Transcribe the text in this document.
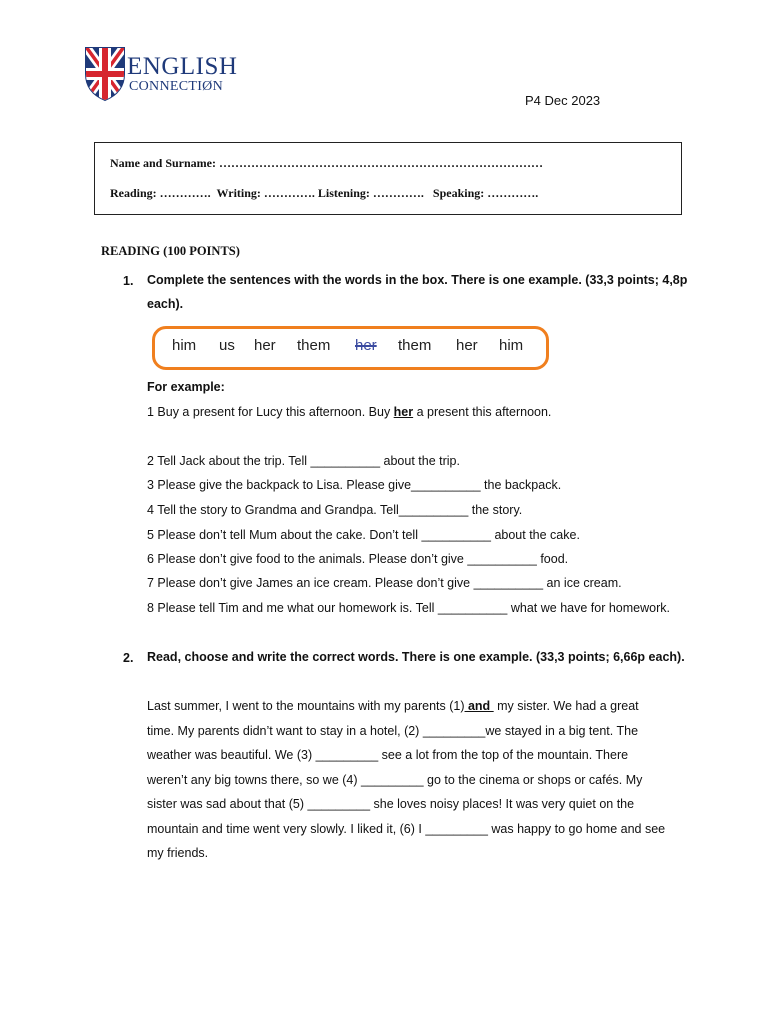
ENGLISH
CONNECTIØN
P4 Dec 2023
Name and Surname: ………………………………………………………………………
Reading: ………….  Writing: …………. Listening: ………….   Speaking: ………….
READING (100 POINTS)
1. Complete the sentences with the words in the box. There is one example. (33,3 points; 4,8p each).
him us her them her them her him
For example:
1 Buy a present for Lucy this afternoon. Buy her a present this afternoon.
2 Tell Jack about the trip. Tell __________ about the trip.
3 Please give the backpack to Lisa. Please give__________ the backpack.
4 Tell the story to Grandma and Grandpa. Tell__________ the story.
5 Please don’t tell Mum about the cake. Don’t tell __________ about the cake.
6 Please don’t give food to the animals. Please don’t give __________ food.
7 Please don’t give James an ice cream. Please don’t give __________ an ice cream.
8 Please tell Tim and me what our homework is. Tell __________ what we have for homework.
2. Read, choose and write the correct words. There is one example. (33,3 points; 6,66p each).
Last summer, I went to the mountains with my parents (1) and  my sister. We had a great
time. My parents didn’t want to stay in a hotel, (2) _________we stayed in a big tent. The
weather was beautiful. We (3) _________ see a lot from the top of the mountain. There
weren’t any big towns there, so we (4) _________ go to the cinema or shops or cafés. My
sister was sad about that (5) _________ she loves noisy places! It was very quiet on the
mountain and time went very slowly. I liked it, (6) I _________ was happy to go home and see
my friends.
